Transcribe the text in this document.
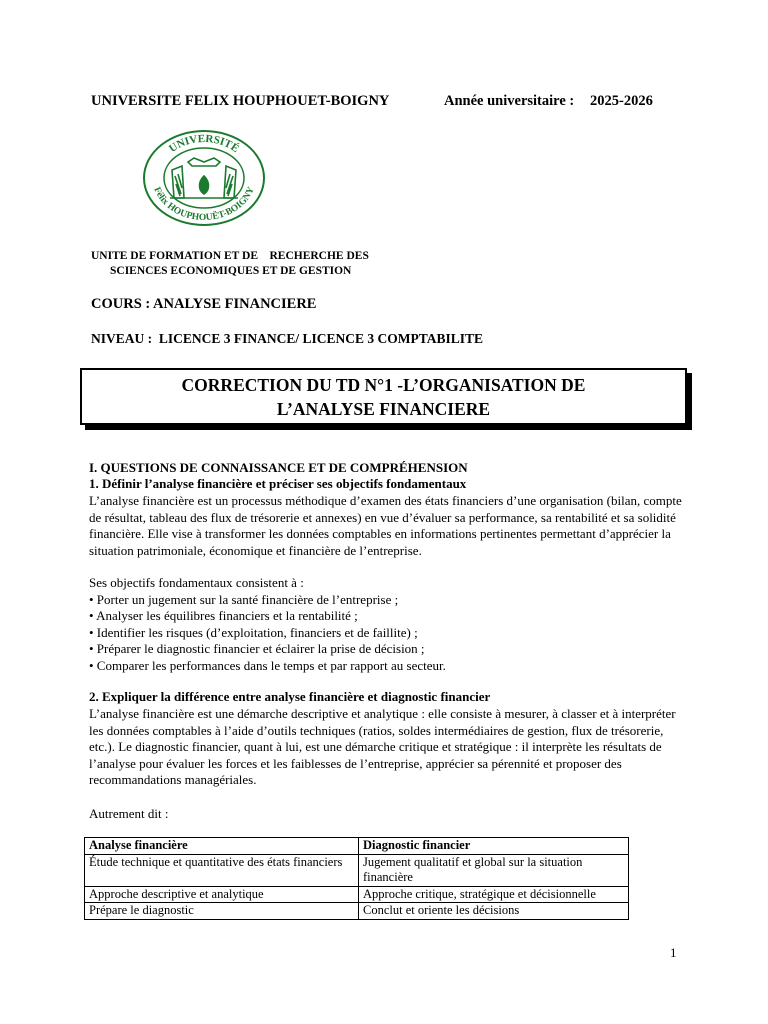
UNIVERSITE FELIX HOUPHOUET-BOIGNY	Année universitaire : 2025-2026
UNIVERSITÉ
Félix HOUPHOUËT-BOIGNY
UNITE DE FORMATION ET DE    RECHERCHE DES
SCIENCES ECONOMIQUES ET DE GESTION
COURS : ANALYSE FINANCIERE
NIVEAU :  LICENCE 3 FINANCE/ LICENCE 3 COMPTABILITE
CORRECTION DU TD N°1 -L’ORGANISATION DE
L’ANALYSE FINANCIERE
I. QUESTIONS DE CONNAISSANCE ET DE COMPRÉHENSION
1. Définir l’analyse financière et préciser ses objectifs fondamentaux
L’analyse financière est un processus méthodique d’examen des états financiers d’une organisation (bilan, compte de résultat, tableau des flux de trésorerie et annexes) en vue d’évaluer sa performance, sa rentabilité et sa solidité financière. Elle vise à transformer les données comptables en informations pertinentes permettant d’apprécier la situation patrimoniale, économique et financière de l’entreprise.
Ses objectifs fondamentaux consistent à :
• Porter un jugement sur la santé financière de l’entreprise ;
• Analyser les équilibres financiers et la rentabilité ;
• Identifier les risques (d’exploitation, financiers et de faillite) ;
• Préparer le diagnostic financier et éclairer la prise de décision ;
• Comparer les performances dans le temps et par rapport au secteur.
2. Expliquer la différence entre analyse financière et diagnostic financier
L’analyse financière est une démarche descriptive et analytique : elle consiste à mesurer, à classer et à interpréter les données comptables à l’aide d’outils techniques (ratios, soldes intermédiaires de gestion, flux de trésorerie, etc.). Le diagnostic financier, quant à lui, est une démarche critique et stratégique : il interprète les résultats de l’analyse pour évaluer les forces et les faiblesses de l’entreprise, apprécier sa pérennité et proposer des recommandations managériales.
Autrement dit :
Analyse financière	Diagnostic financier
Étude technique et quantitative des états financiers	Jugement qualitatif et global sur la situation financière
Approche descriptive et analytique	Approche critique, stratégique et décisionnelle
Prépare le diagnostic	Conclut et oriente les décisions
1
